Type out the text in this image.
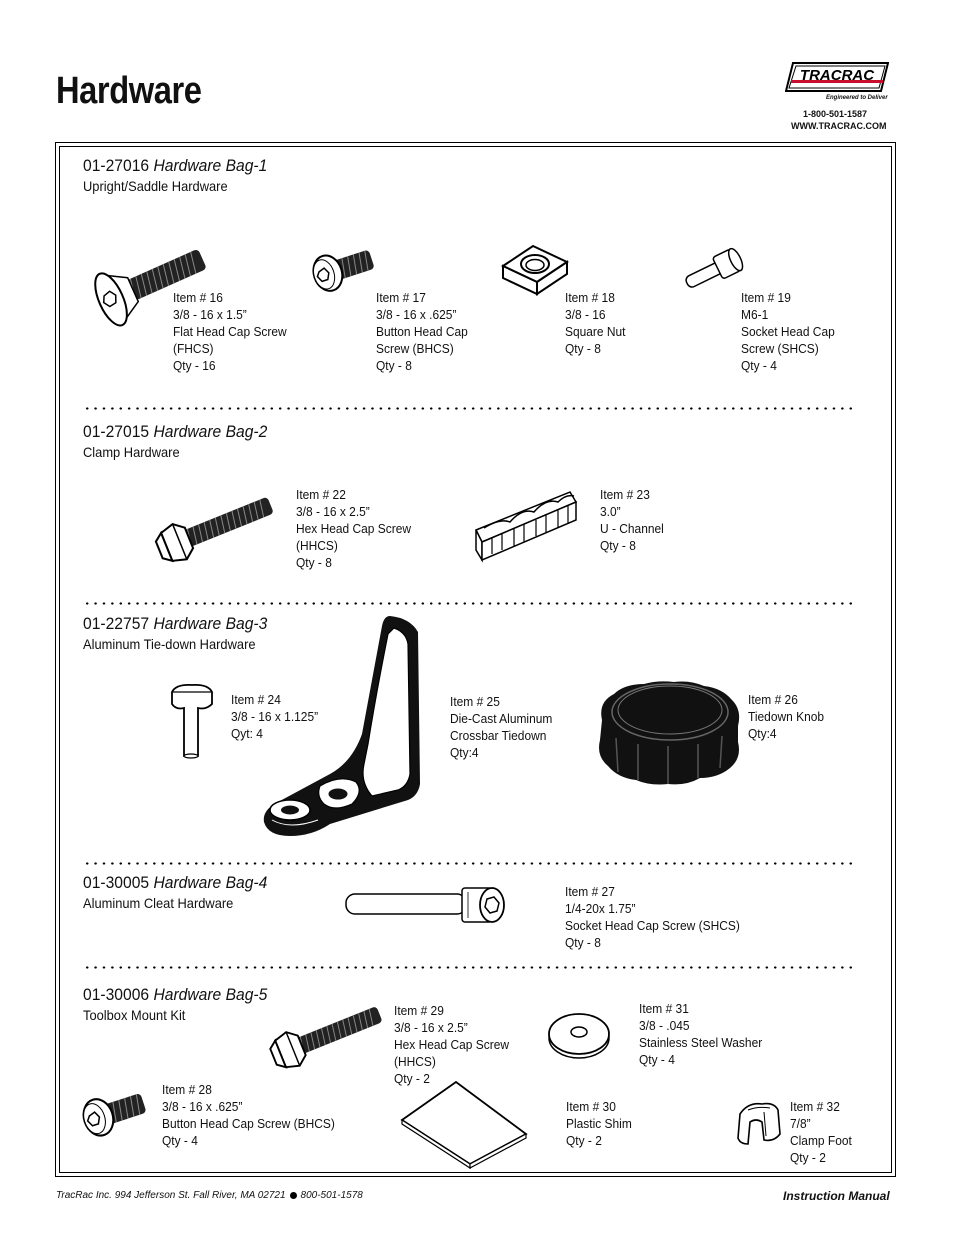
Hardware	TRACRAC
Engineered to Deliver
1-800-501-1587
WWW.TRACRAC.COM
01-27016 Hardware Bag-1
Upright/Saddle Hardware
Item # 16
3/8 - 16 x 1.5”
Flat Head Cap Screw
(FHCS)
Qty - 16
Item # 17
3/8 - 16 x .625”
Button Head Cap
Screw (BHCS)
Qty - 8
Item # 18
3/8 - 16
Square Nut
Qty - 8
Item # 19
M6-1
Socket Head Cap
Screw (SHCS)
Qty - 4
01-27015 Hardware Bag-2
Clamp Hardware
Item # 22
3/8 - 16 x 2.5”
Hex Head Cap Screw
(HHCS)
Qty - 8
Item # 23
3.0”
U - Channel
Qty - 8
01-22757 Hardware Bag-3
Aluminum Tie-down Hardware
Item # 24
3/8 - 16 x 1.125”
Qyt: 4
Item # 25
Die-Cast Aluminum
Crossbar Tiedown
Qty:4
Item # 26
Tiedown Knob
Qty:4
01-30005 Hardware Bag-4
Aluminum Cleat Hardware
Item # 27
1/4-20x 1.75”
Socket Head Cap Screw (SHCS)
Qty - 8
01-30006 Hardware Bag-5
Toolbox Mount Kit	Item # 29
3/8 - 16 x 2.5”
Hex Head Cap Screw
(HHCS)
Qty - 2
Item # 31
3/8 - .045
Stainless Steel Washer
Qty - 4
Item # 28
3/8 - 16 x .625”
Button Head Cap Screw (BHCS)
Qty - 4
Item # 30
Plastic Shim
Qty - 2
Item # 32
7/8”
Clamp Foot
Qty - 2
TracRac Inc. 994 Jefferson St. Fall River, MA 02721 800-501-1578	Instruction Manual
